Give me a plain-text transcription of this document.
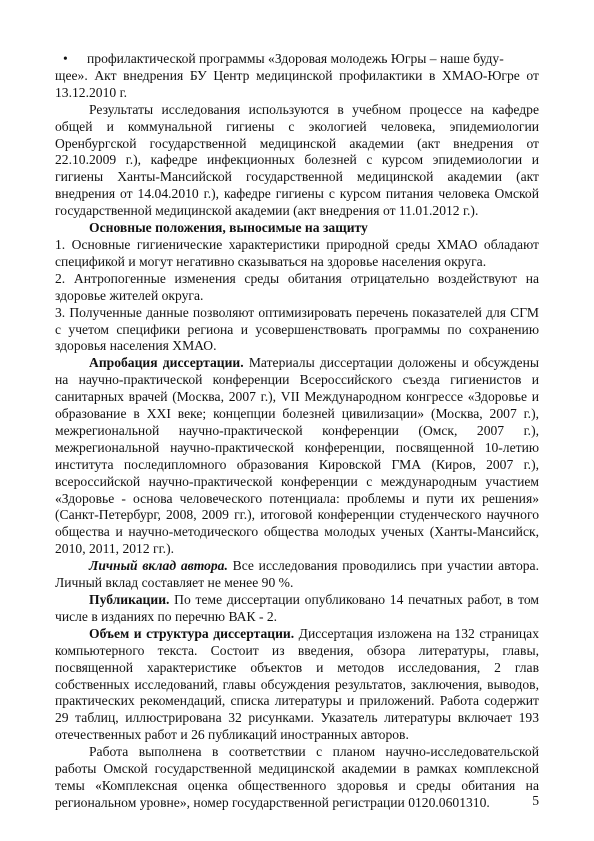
• профилактической программы «Здоровая молодежь Югры – наше буду-
щее». Акт внедрения БУ Центр медицинской профилактики в ХМАО-Югре от 13.12.2010 г.

Результаты исследования используются в учебном процессе на кафедре общей и коммунальной гигиены с экологией человека, эпидемиологии Оренбургской государственной медицинской академии (акт внедрения от 22.10.2009 г.), кафедре инфекционных болезней с курсом эпидемиологии и гигиены Ханты-Мансийской государственной медицинской академии (акт внедрения от 14.04.2010 г.), кафедре гигиены с курсом питания человека Омской государственной медицинской академии (акт внедрения от 11.01.2012 г.).

Основные положения, выносимые на защиту

1. Основные гигиенические характеристики природной среды ХМАО обладают спецификой и могут негативно сказываться на здоровье населения округа.

2. Антропогенные изменения среды обитания отрицательно воздействуют на здоровье жителей округа.

3. Полученные данные позволяют оптимизировать перечень показателей для СГМ с учетом специфики региона и усовершенствовать программы по сохранению здоровья населения ХМАО.

Апробация диссертации. Материалы диссертации доложены и обсуждены на научно-практической конференции Всероссийского съезда гигиенистов и санитарных врачей (Москва, 2007 г.), VII Международном конгрессе «Здоровье и образование в XXI веке; концепции болезней цивилизации» (Москва, 2007 г.), межрегиональной научно-практической конференции (Омск, 2007 г.), межрегиональной научно-практической конференции, посвященной 10-летию института последипломного образования Кировской ГМА (Киров, 2007 г.), всероссийской научно-практической конференции с международным участием «Здоровье - основа человеческого потенциала: проблемы и пути их решения» (Санкт-Петербург, 2008, 2009 гг.), итоговой конференции студенческого научного общества и научно-методического общества молодых ученых (Ханты-Мансийск, 2010, 2011, 2012 гг.).

Личный вклад автора. Все исследования проводились при участии автора. Личный вклад составляет не менее 90 %.

Публикации. По теме диссертации опубликовано 14 печатных работ, в том числе в изданиях по перечню ВАК - 2.

Объем и структура диссертации. Диссертация изложена на 132 страницах компьютерного текста. Состоит из введения, обзора литературы, главы, посвященной характеристике объектов и методов исследования, 2 глав собственных исследований, главы обсуждения результатов, заключения, выводов, практических рекомендаций, списка литературы и приложений. Работа содержит 29 таблиц, иллюстрирована 32 рисунками. Указатель литературы включает 193 отечественных работ и 26 публикаций иностранных авторов.

Работа выполнена в соответствии с планом научно-исследовательской работы Омской государственной медицинской академии в рамках комплексной темы «Комплексная оценка общественного здоровья и среды обитания на региональном уровне», номер государственной регистрации 0120.0601310.	5
